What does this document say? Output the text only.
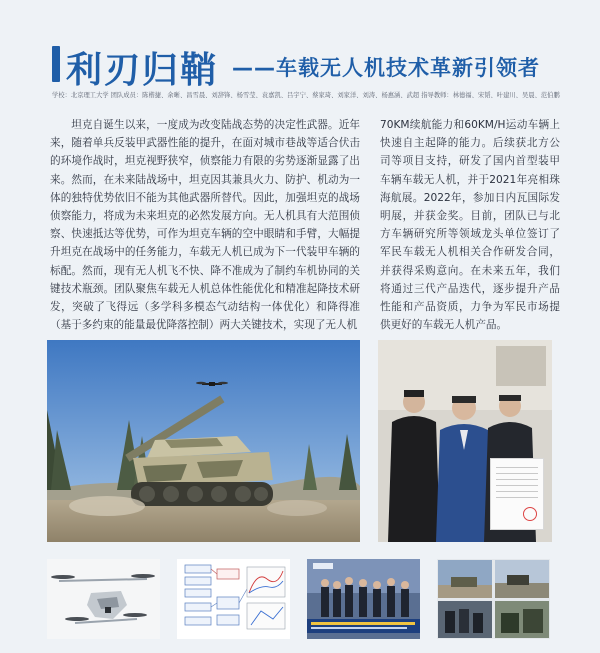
利刃归鞘 ——车载无人机技术革新引领者
学校：北京理工大学 团队成员：陈楷捷、余晰、昌雪晨、刘辞锋、杨雪莹、袁嘉凯、吕宇宁、蔡家琦、刘家洋、刘涛、杨惠涵、武超 指导教师：林德福、宋韬、叶建川、吴晨、范伯鹏
坦克自诞生以来，一度成为改变陆战态势的决定性武器。近年来，随着单兵反装甲武器性能的提升，在面对城市巷战等适合伏击的环境作战时，坦克视野狭窄，侦察能力有限的劣势逐渐显露了出来。然而，在未来陆战场中，坦克因其兼具火力、防护、机动为一体的独特优势依旧不能为其他武器所替代。因此，加强坦克的战场侦察能力，将成为未来坦克的必然发展方向。无人机具有大范围侦察、快速抵达等优势，可作为坦克车辆的空中眼睛和手臂，大幅提升坦克在战场中的任务能力，车载无人机已成为下一代装甲车辆的标配。然而，现有无人机飞不快、降不准成为了制约车机协同的关键技术瓶颈。团队聚焦车载无人机总体性能优化和精准起降技术研发，突破了飞得远（多学科多模态气动结构一体优化）和降得准（基于多约束的能量最优降落控制）两大关键技术，实现了无人机
70KM续航能力和60KM/H运动车辆上快速自主起降的能力。后续获北方公司等项目支持，研发了国内首型装甲车辆车载无人机，并于2021年亮相珠海航展。2022年，参加日内瓦国际发明展，并获金奖。目前，团队已与北方车辆研究所等领域龙头单位签订了军民车载无人机相关合作研发合同，并获得采购意向。在未来五年，我们将通过三代产品迭代，逐步提升产品性能和产品资质，力争为军民市场提供更好的车载无人机产品。
